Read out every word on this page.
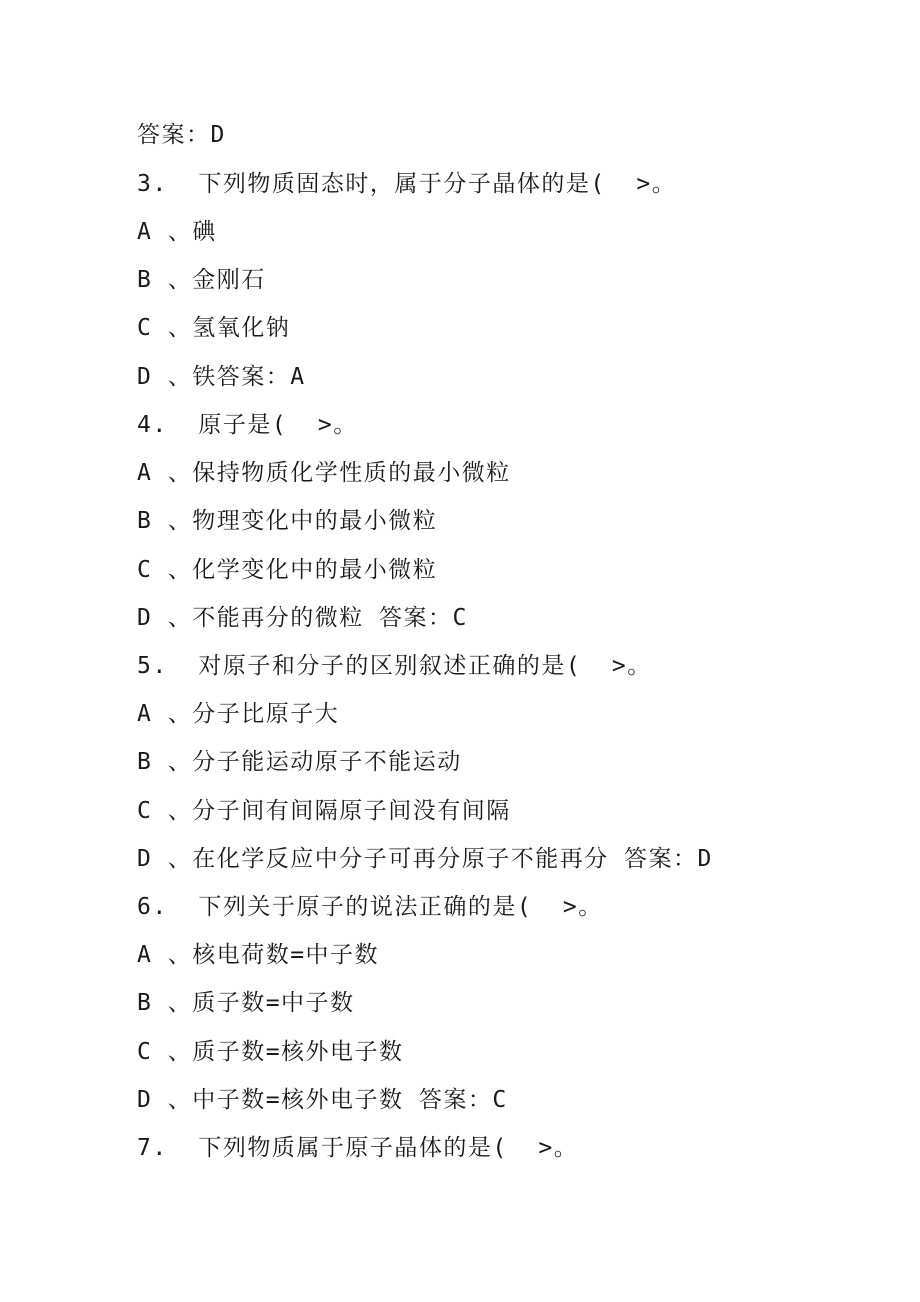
答案：D
3.  下列物质固态时，属于分子晶体的是(  >。
A 、碘
B 、金刚石
C 、氢氧化钠
D 、铁答案：A
4.  原子是(  >。
A 、保持物质化学性质的最小微粒
B 、物理变化中的最小微粒
C 、化学变化中的最小微粒
D 、不能再分的微粒 答案：C
5.  对原子和分子的区别叙述正确的是(  >。
A 、分子比原子大
B 、分子能运动原子不能运动
C 、分子间有间隔原子间没有间隔
D 、在化学反应中分子可再分原子不能再分 答案：D
6.  下列关于原子的说法正确的是(  >。
A 、核电荷数=中子数
B 、质子数=中子数
C 、质子数=核外电子数
D 、中子数=核外电子数 答案：C
7.  下列物质属于原子晶体的是(  >。
